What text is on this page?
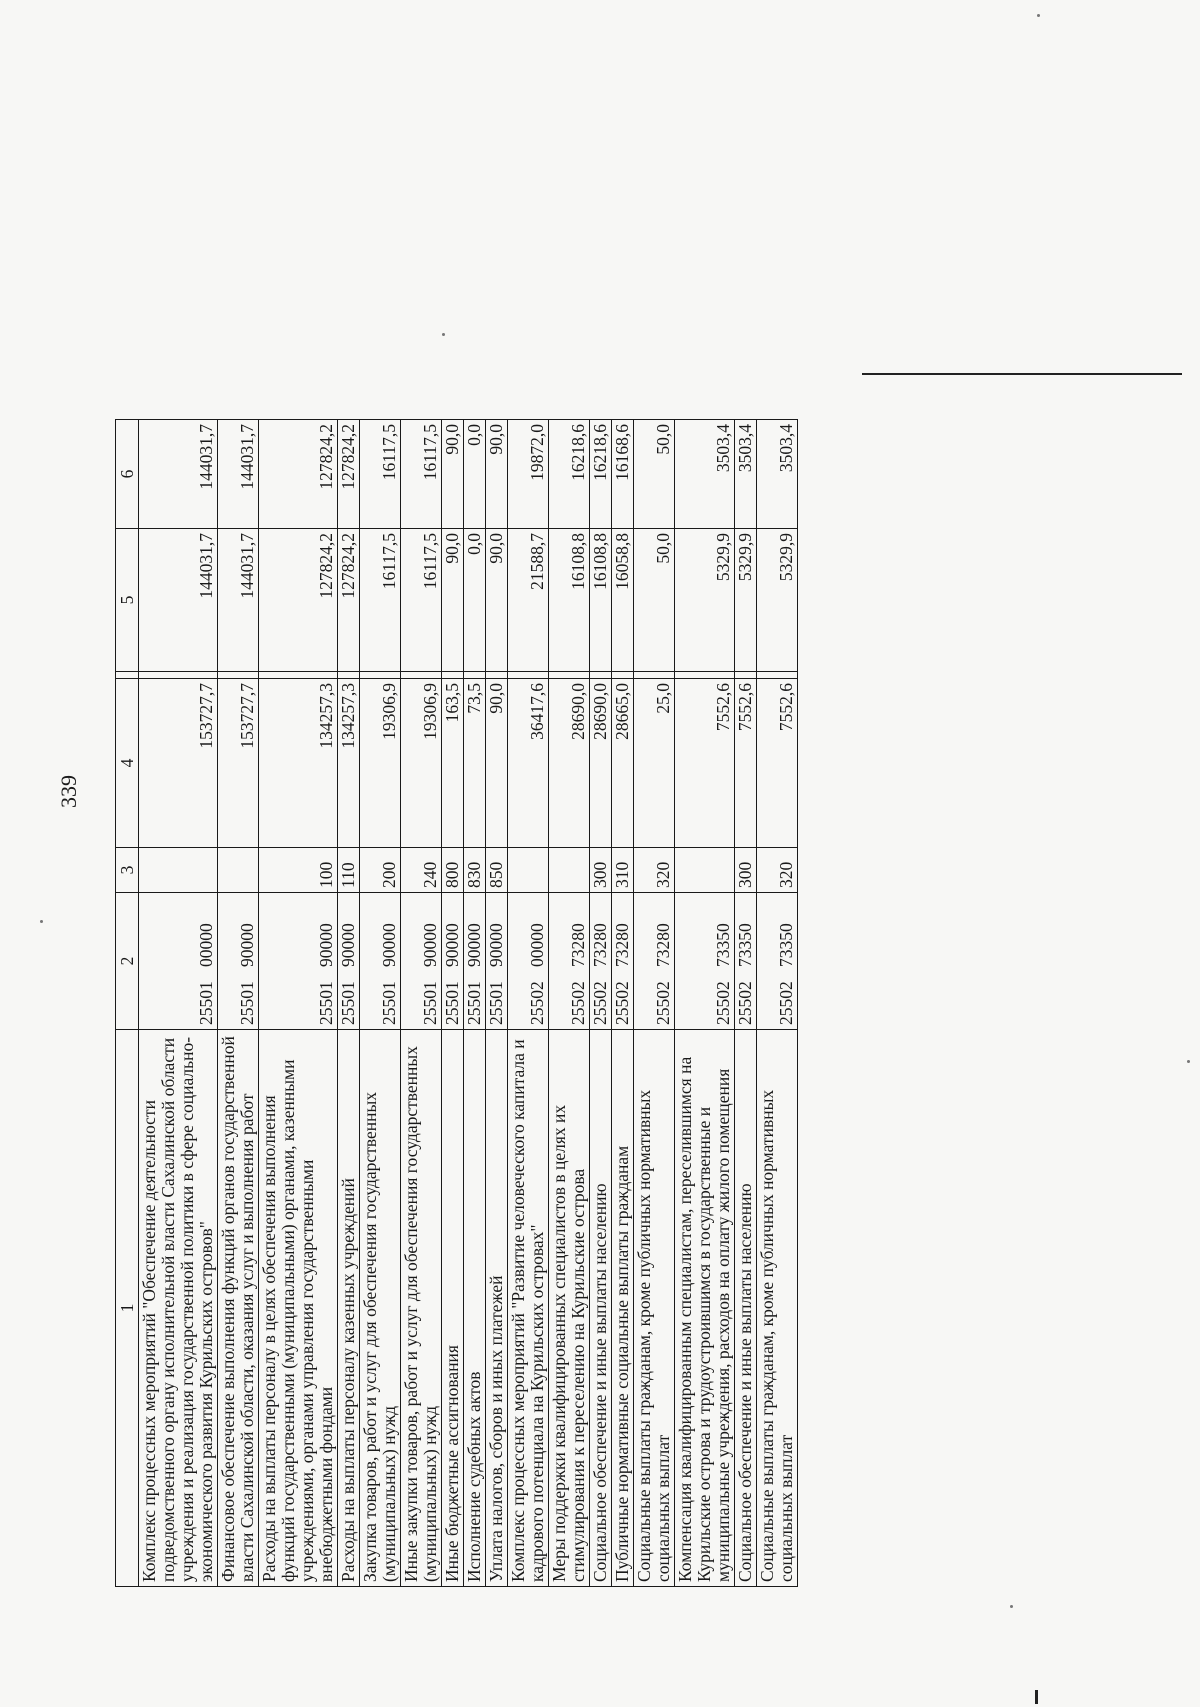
339
1	2	3	4		5	6
Комплекс процессных мероприятий "Обеспечение деятельности подведомственного органу исполнительной власти Сахалинской области учреждения и реализация государственной политики в сфере социально-экономического развития Курильских островов"	2550100000		153727,7		144031,7	144031,7
Финансовое обеспечение выполнения функций органов государственной власти Сахалинской области, оказания услуг и выполнения работ	2550190000		153727,7		144031,7	144031,7
Расходы на выплаты персоналу в целях обеспечения выполнения функций государственными (муниципальными) органами, казенными учреждениями, органами управления государственными внебюджетными фондами	2550190000	100	134257,3		127824,2	127824,2
Расходы на выплаты персоналу казенных учреждений	2550190000	110	134257,3		127824,2	127824,2
Закупка товаров, работ и услуг для обеспечения государственных (муниципальных) нужд	2550190000	200	19306,9		16117,5	16117,5
Иные закупки товаров, работ и услуг для обеспечения государственных (муниципальных) нужд	2550190000	240	19306,9		16117,5	16117,5
Иные бюджетные ассигнования	2550190000	800	163,5		90,0	90,0
Исполнение судебных актов	2550190000	830	73,5		0,0	0,0
Уплата налогов, сборов и иных платежей	2550190000	850	90,0		90,0	90,0
Комплекс процессных мероприятий "Развитие человеческого капитала и кадрового потенциала на Курильских островах"	2550200000		36417,6		21588,7	19872,0
Меры поддержки квалифицированных специалистов в целях их стимулирования к переселению на Курильские острова	2550273280		28690,0		16108,8	16218,6
Социальное обеспечение и иные выплаты населению	2550273280	300	28690,0		16108,8	16218,6
Публичные нормативные социальные выплаты гражданам	2550273280	310	28665,0		16058,8	16168,6
Социальные выплаты гражданам, кроме публичных нормативных социальных выплат	2550273280	320	25,0		50,0	50,0
Компенсация квалифицированным специалистам, переселившимся на Курильские острова и трудоустроившимся в государственные и муниципальные учреждения, расходов на оплату жилого помещения	2550273350		7552,6		5329,9	3503,4
Социальное обеспечение и иные выплаты населению	2550273350	300	7552,6		5329,9	3503,4
Социальные выплаты гражданам, кроме публичных нормативных социальных выплат	2550273350	320	7552,6		5329,9	3503,4
